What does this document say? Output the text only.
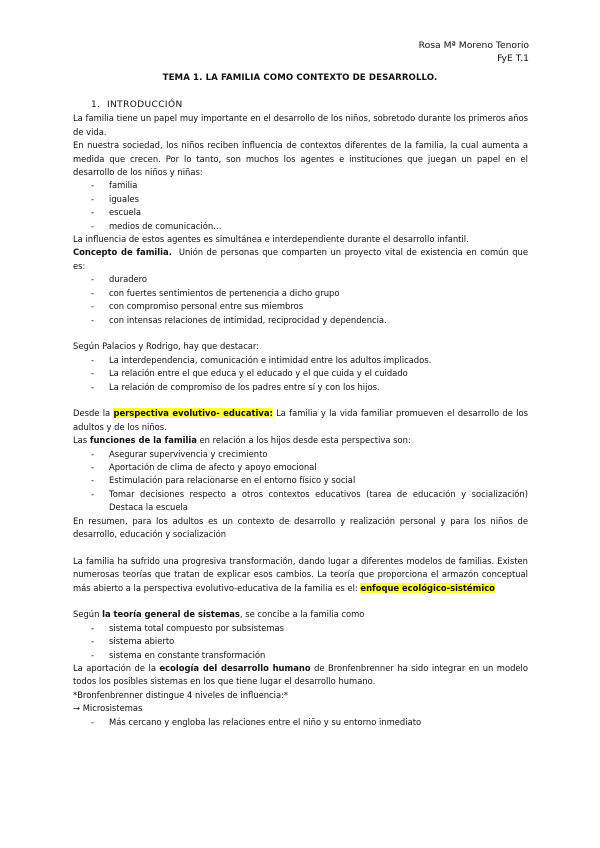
Rosa Mª Moreno Tenorio
FyE T.1
TEMA 1. LA FAMILIA COMO CONTEXTO DE DESARROLLO.
1. INTRODUCCIÓN

La familia tiene un papel muy importante en el desarrollo de los niños, sobretodo durante los primeros años de vida.

En nuestra sociedad, los niños reciben influencia de contextos diferentes de la familia, la cual aumenta a medida que crecen. Por lo tanto, son muchos los agentes e instituciones que juegan un papel en el desarrollo de los niños y niñas:

- familia
- iguales
- escuela
- medios de comunicación…

La influencia de estos agentes es simultánea e interdependiente durante el desarrollo infantil.

Concepto de familia. Unión de personas que comparten un proyecto vital de existencia en común que es:

- duradero
- con fuertes sentimientos de pertenencia a dicho grupo
- con compromiso personal entre sus miembros
- con intensas relaciones de intimidad, reciprocidad y dependencia.

Según Palacios y Rodrigo, hay que destacar:

- La interdependencia, comunicación e intimidad entre los adultos implicados.
- La relación entre el que educa y el educado y el que cuida y el cuidado
- La relación de compromiso de los padres entre sí y con los hijos.

Desde la perspectiva evolutivo- educativa: La familia y la vida familiar promueven el desarrollo de los adultos y de los niños.

Las funciones de la familia en relación a los hijos desde esta perspectiva son:

- Asegurar supervivencia y crecimiento
- Aportación de clima de afecto y apoyo emocional
- Estimulación para relacionarse en el entorno físico y social
- Tomar decisiones respecto a otros contextos educativos (tarea de educación y socialización) Destaca la escuela

En resumen, para los adultos es un contexto de desarrollo y realización personal y para los niños de desarrollo, educación y socialización

La familia ha sufrido una progresiva transformación, dando lugar a diferentes modelos de familias. Existen numerosas teorías que tratan de explicar esos cambios. La teoría que proporciona el armazón conceptual más abierto a la perspectiva evolutivo-educativa de la familia es el: enfoque ecológico-sistémico

Según la teoría general de sistemas, se concibe a la familia como

- sistema total compuesto por subsistemas
- sistema abierto
- sistema en constante transformación

La aportación de la ecología del desarrollo humano de Bronfenbrenner ha sido integrar en un modelo todos los posibles sistemas en los que tiene lugar el desarrollo humano.

*Bronfenbrenner distingue 4 niveles de influencia:*

→ Microsistemas

- Más cercano y engloba las relaciones entre el niño y su entorno inmediato
